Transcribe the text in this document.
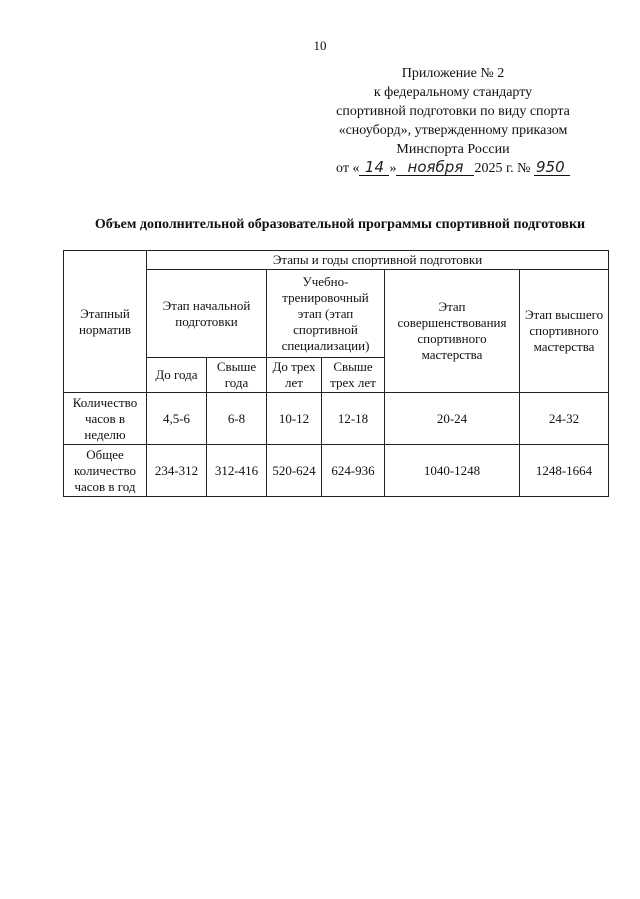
10
Приложение № 2
к федеральному стандарту
спортивной подготовки по виду спорта
«сноуборд», утвержденному приказом
Минспорта России
от « 14 » ноября 2025 г. № 950
Объем дополнительной образовательной программы спортивной подготовки
Этапный норматив	Этапы и годы спортивной подготовки					
	Этап начальной подготовки		Учебно-тренировочный этап (этап спортивной специализации)		Этап совершенствования спортивного мастерства	Этап высшего спортивного мастерства
	До года	Свыше года	До трех лет	Свыше трех лет		
Количество часов в неделю	4,5-6	6-8	10-12	12-18	20-24	24-32
Общее количество часов в год	234-312	312-416	520-624	624-936	1040-1248	1248-1664
